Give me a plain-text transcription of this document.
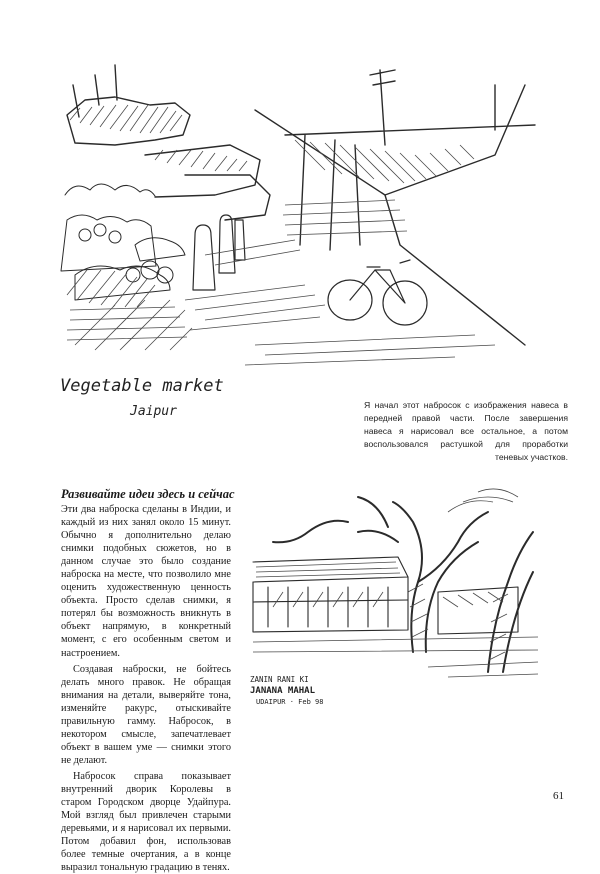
Vegetable market
Jaipur	Я начал этот набросок с изображения навеса в передней правой части. После завершения навеса я нарисовал все остальное, а потом воспользовался растушкой для проработки теневых участков.
Развивайте идеи здесь и сейчас

Эти два наброска сделаны в Индии, и каждый из них занял около 15 минут. Обычно я дополнительно делаю снимки подобных сюжетов, но в данном случае это было создание наброска на месте, что позволило мне оценить художественную ценность объекта. Просто сделав снимки, я потерял бы возможность вникнуть в объект напрямую, в конкретный момент, с его особенным светом и настроением.

Создавая наброски, не бойтесь делать много правок. Не обращая внимания на детали, выверяйте тона, изменяйте ракурс, отыскивайте правильную гамму. Набросок, в некотором смысле, запечатлевает объект в вашем уме — снимки этого не делают.

Набросок справа показывает внутренний дворик Королевы в старом Городском дворце Удайпура. Мой взгляд был привлечен старыми деревьями, и я нарисовал их первыми. Потом добавил фон, использовав более темные очертания, а в конце выразил тональную градацию в тенях.

ZANIN RANI KI
JANANA MAHAL
UDAIPUR · Feb 98
61
